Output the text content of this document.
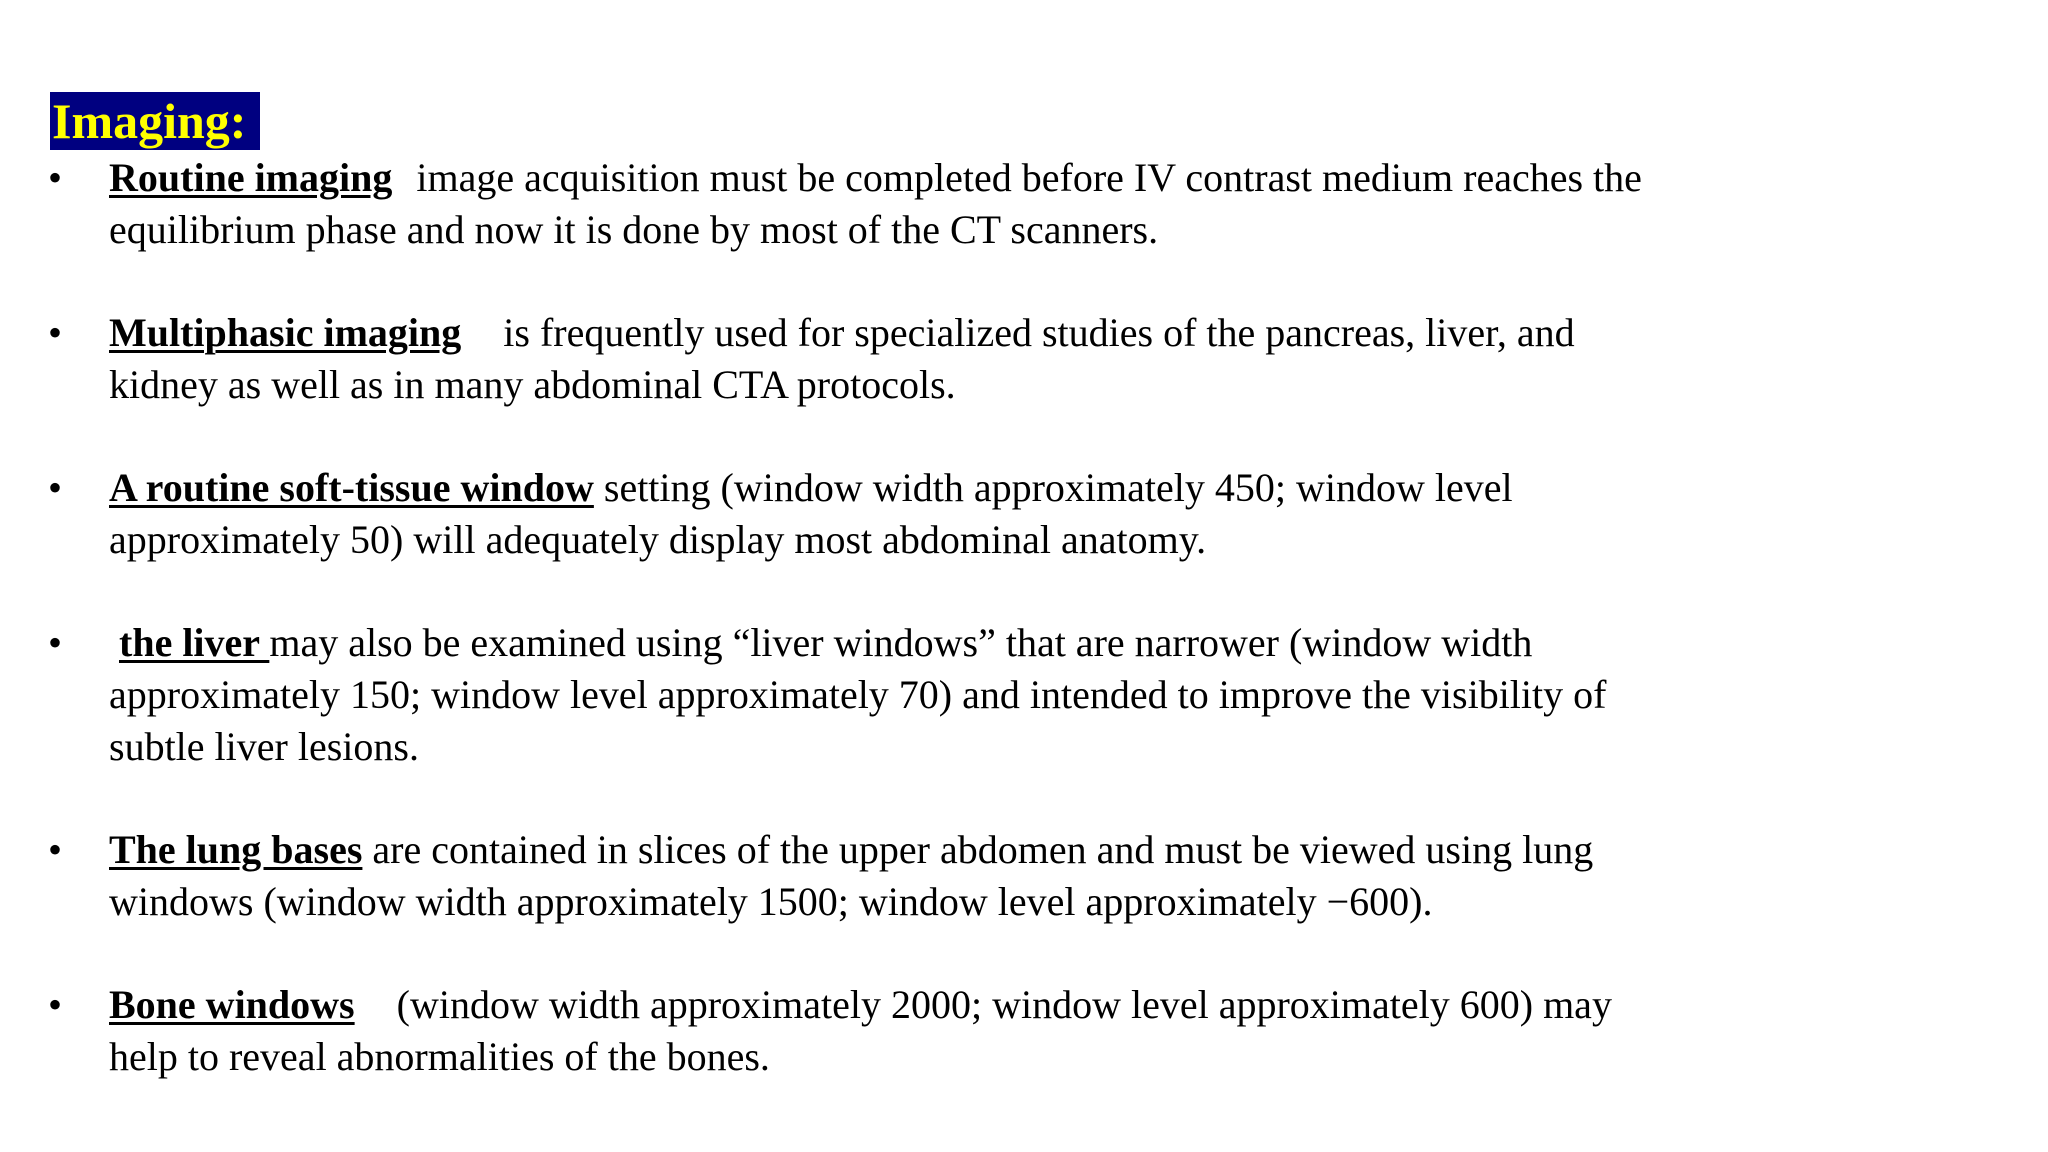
Imaging:
• Routine imaging image acquisition must be completed before IV contrast medium reaches the equilibrium phase and now it is done by most of the CT scanners.
• Multiphasic imaging is frequently used for specialized studies of the pancreas, liver, and kidney as well as in many abdominal CTA protocols.
• A routine soft-tissue window setting (window width approximately 450; window level approximately 50) will adequately display most abdominal anatomy.
• the liver may also be examined using “liver windows” that are narrower (window width approximately 150; window level approximately 70) and intended to improve the visibility of subtle liver lesions.
• The lung bases are contained in slices of the upper abdomen and must be viewed using lung windows (window width approximately 1500; window level approximately −600).
• Bone windows (window width approximately 2000; window level approximately 600) may help to reveal abnormalities of the bones.
